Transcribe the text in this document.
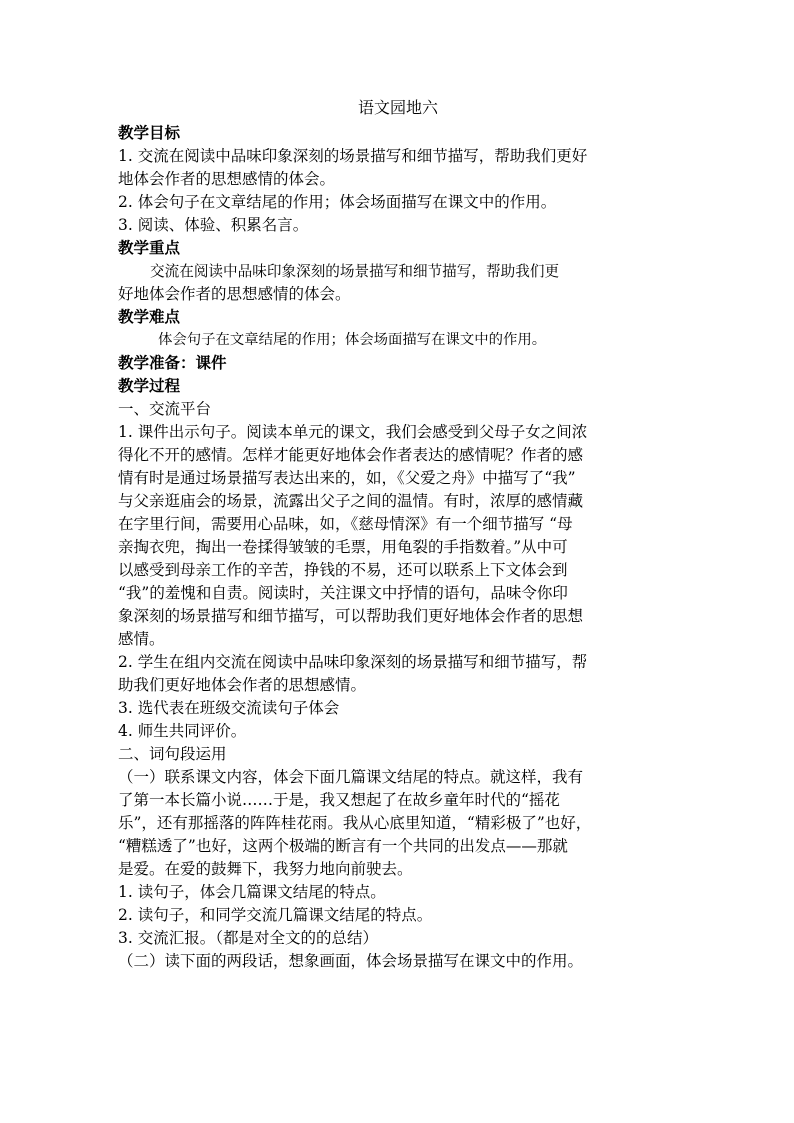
语文园地六
教学目标
1. 交流在阅读中品味印象深刻的场景描写和细节描写，帮助我们更好
地体会作者的思想感情的体会。
2. 体会句子在文章结尾的作用；体会场面描写在课文中的作用。
3. 阅读、体验、积累名言。
教学重点
交流在阅读中品味印象深刻的场景描写和细节描写，帮助我们更
好地体会作者的思想感情的体会。
教学难点
体会句子在文章结尾的作用；体会场面描写在课文中的作用。
教学准备：课件
教学过程
一、交流平台
1. 课件出示句子。阅读本单元的课文，我们会感受到父母子女之间浓
得化不开的感情。怎样才能更好地体会作者表达的感情呢？作者的感
情有时是通过场景描写表达出来的，如，《父爱之舟》中描写了“我”
与父亲逛庙会的场景，流露出父子之间的温情。有时，浓厚的感情藏
在字里行间，需要用心品味，如，《慈母情深》有一个细节描写 “母
亲掏衣兜，掏出一卷揉得皱皱的毛票，用龟裂的手指数着。”从中可
以感受到母亲工作的辛苦，挣钱的不易，还可以联系上下文体会到
“我”的羞愧和自责。阅读时，关注课文中抒情的语句，品味令你印
象深刻的场景描写和细节描写，可以帮助我们更好地体会作者的思想
感情。
2. 学生在组内交流在阅读中品味印象深刻的场景描写和细节描写，帮
助我们更好地体会作者的思想感情。
3. 选代表在班级交流读句子体会
4. 师生共同评价。
二、词句段运用
（一）联系课文内容，体会下面几篇课文结尾的特点。就这样，我有
了第一本长篇小说……于是，我又想起了在故乡童年时代的“摇花
乐”，还有那摇落的阵阵桂花雨。我从心底里知道，“精彩极了”也好，
“糟糕透了”也好，这两个极端的断言有一个共同的出发点——那就
是爱。在爱的鼓舞下，我努力地向前驶去。
1. 读句子，体会几篇课文结尾的特点。
2. 读句子，和同学交流几篇课文结尾的特点。
3. 交流汇报。（都是对全文的的总结）
（二）读下面的两段话，想象画面，体会场景描写在课文中的作用。
